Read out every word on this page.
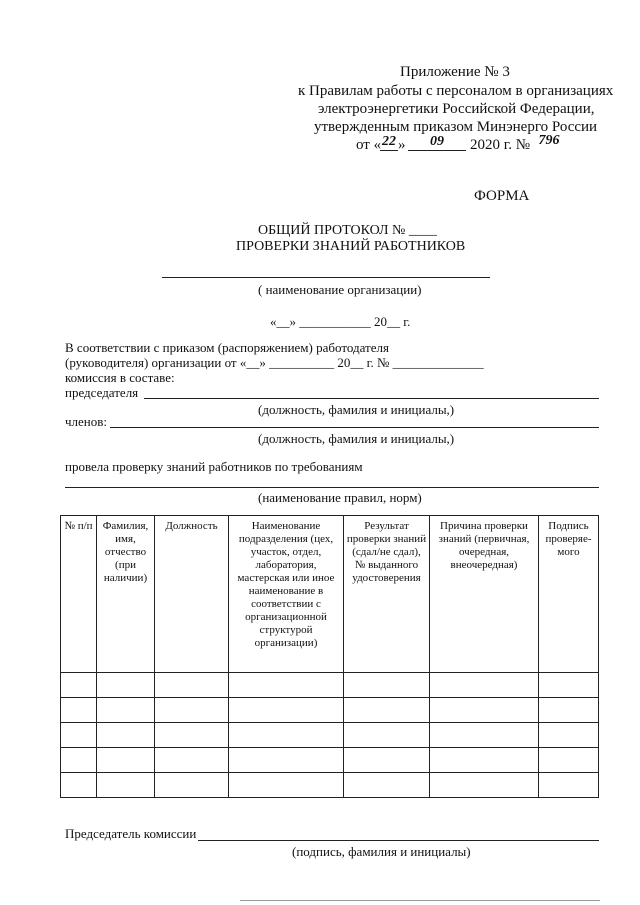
Приложение № 3
к Правилам работы с персоналом в организациях
электроэнергетики Российской Федерации,
утвержденным приказом Минэнерго России
от « 22 »	09	2020 г. № 796
ФОРМА
ОБЩИЙ ПРОТОКОЛ № ____
ПРОВЕРКИ ЗНАНИЙ РАБОТНИКОВ
( наименование организации)
«__» ___________ 20__ г.
В соответствии с приказом (распоряжением) работодателя
(руководителя) организации от «__» __________ 20__ г. № ______________
комиссия в составе:
председателя
(должность, фамилия и инициалы,)
членов:
(должность, фамилия и инициалы,)
провела проверку знаний работников по требованиям
(наименование правил, норм)
№ п/п	Фамилия, имя, отчество (при наличии)	Должность	Наименование подразделения (цех, участок, отдел, лаборатория, мастерская или иное наименование в соответствии с организационной структурой организации)	Результат проверки знаний (сдал/не сдал), № выданного удостоверения	Причина проверки знаний (первичная, очередная, внеочередная)	Подпись проверяе-мого

Председатель комиссии
(подпись, фамилия и инициалы)
